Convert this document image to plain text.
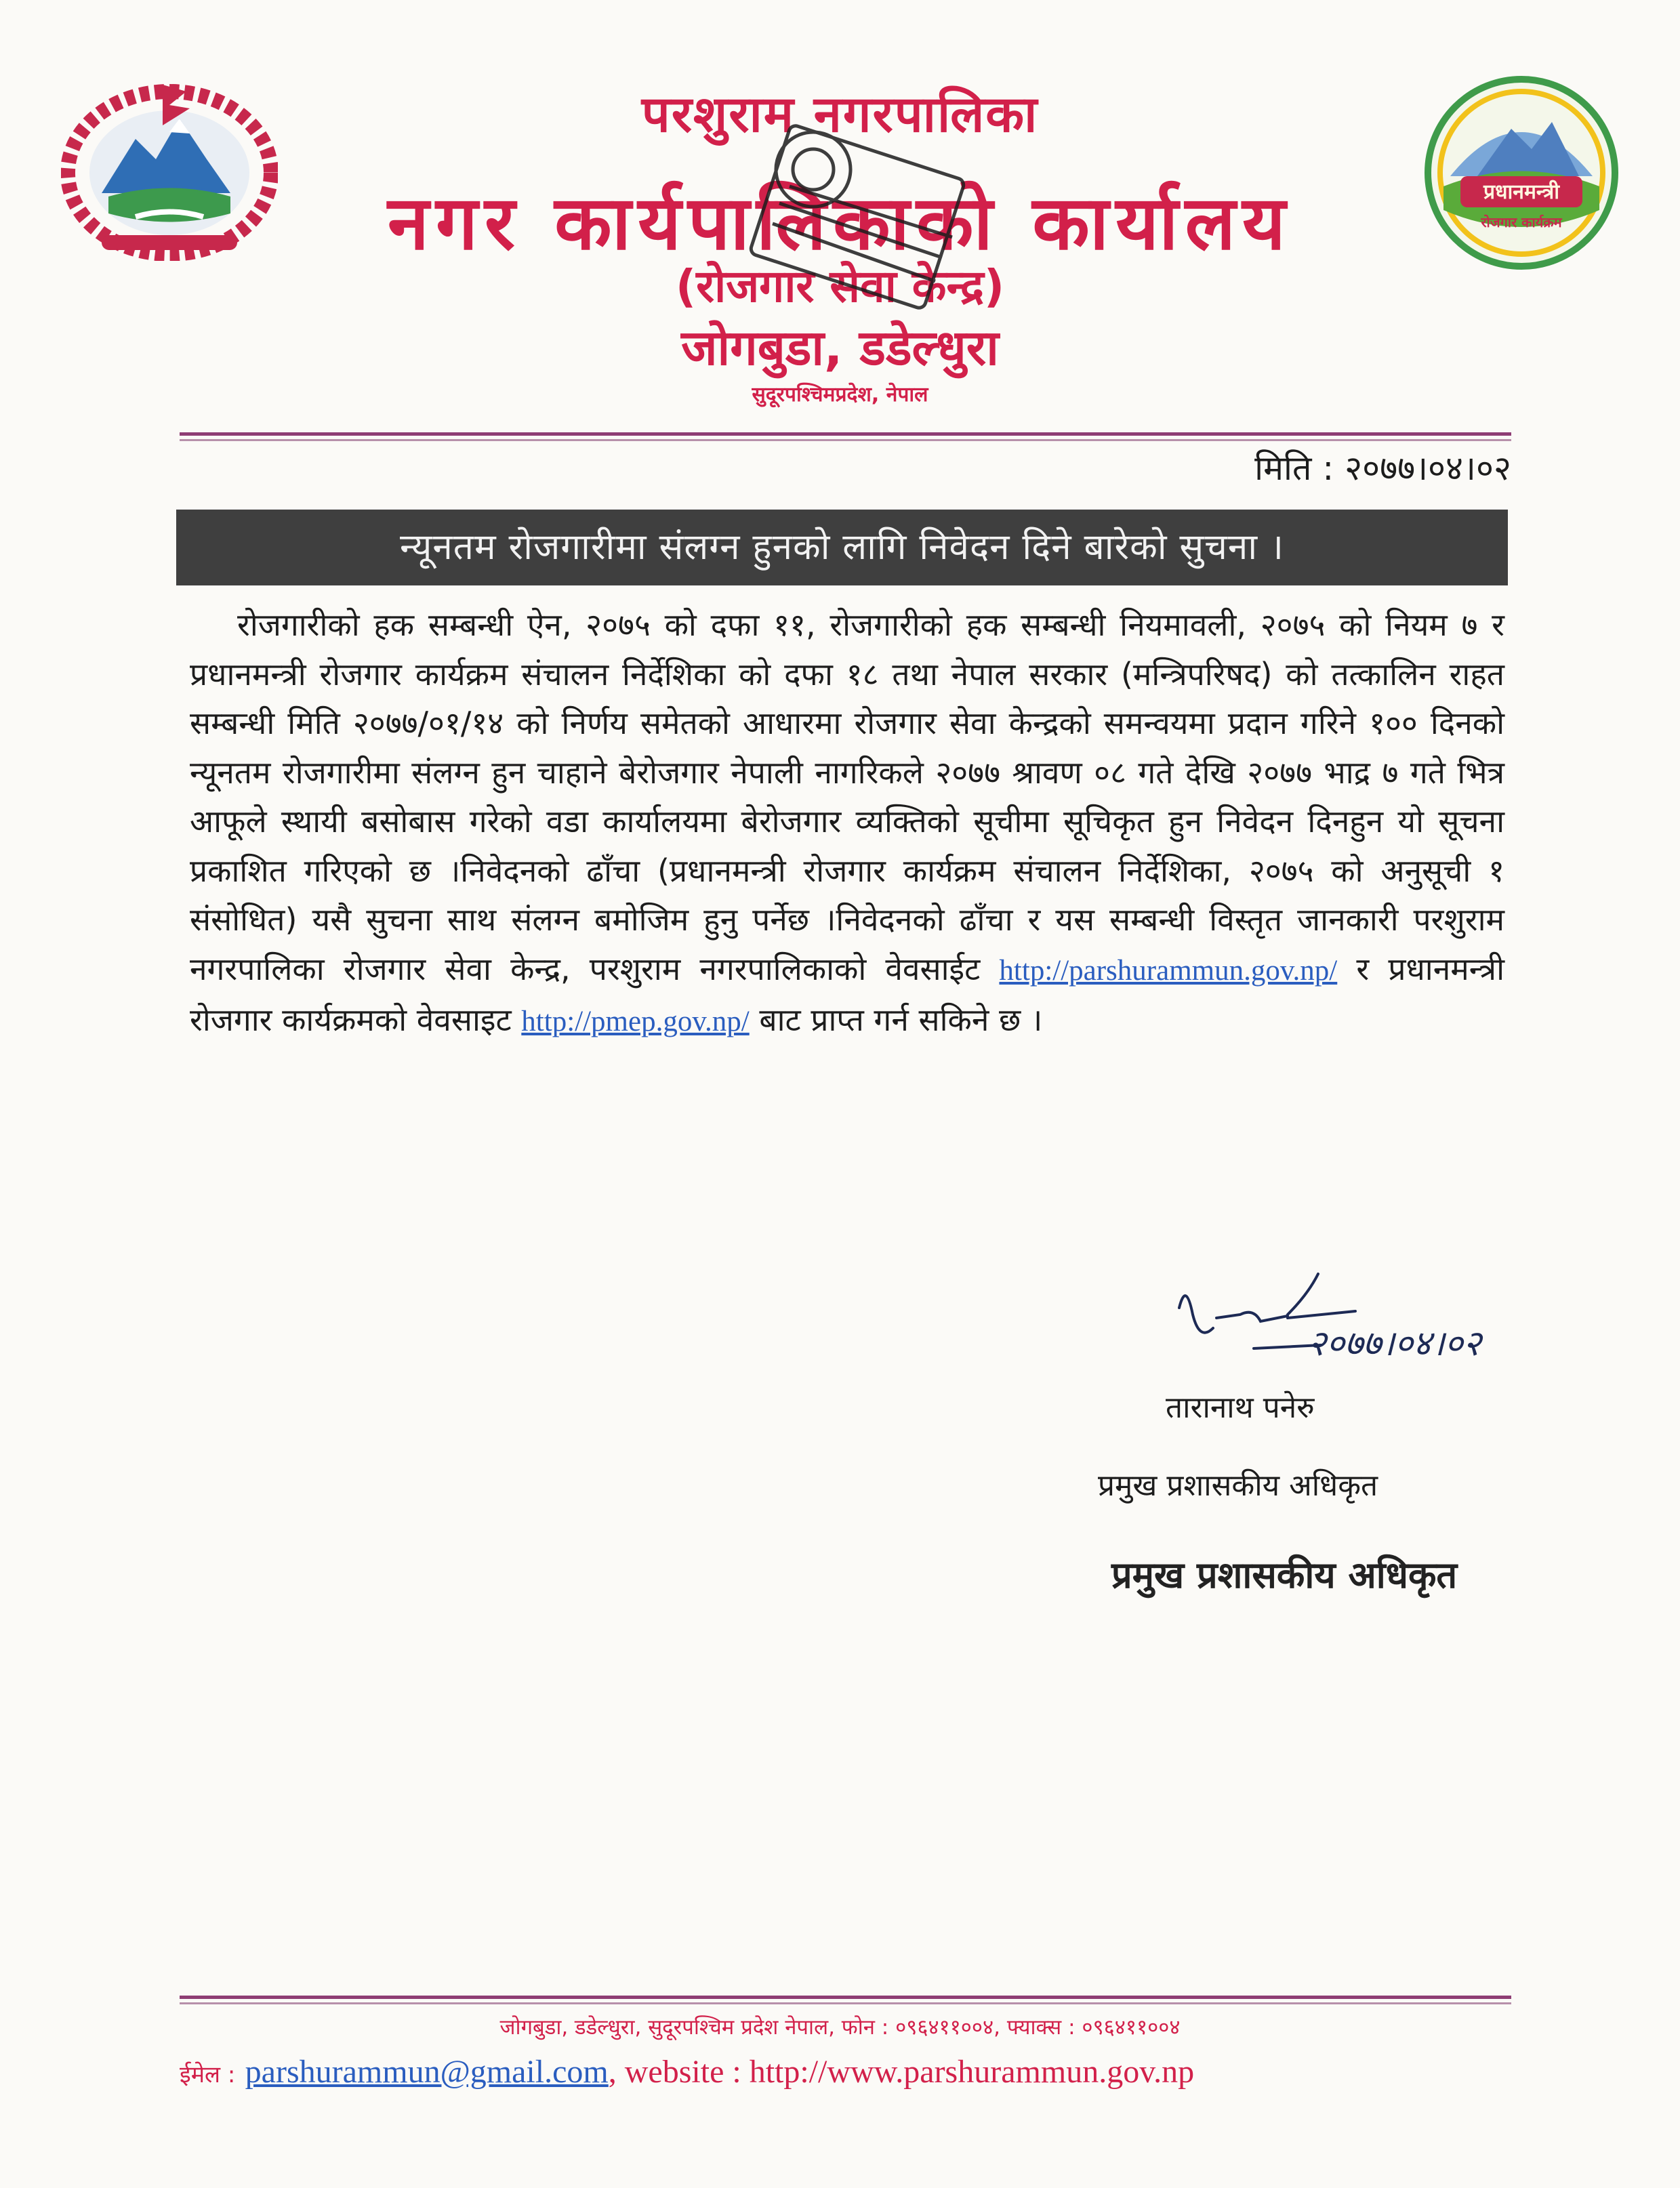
परशुराम नगरपालिका
नगर कार्यपालिकाको कार्यालय
(रोजगार सेवा केन्द्र)
जोगबुडा, डडेल्धुरा
सुदूरपश्चिमप्रदेश, नेपाल
प्रधानमन्त्री
रोजगार कार्यक्रम
मिति : २०७७।०४।०२
न्यूनतम रोजगारीमा संलग्न हुनको लागि निवेदन दिने बारेको सुचना ।

रोजगारीको हक सम्बन्धी ऐन, २०७५ को दफा ११, रोजगारीको हक सम्बन्धी नियमावली, २०७५ को नियम ७ र प्रधानमन्त्री रोजगार कार्यक्रम संचालन निर्देशिका को दफा १८ तथा नेपाल सरकार (मन्त्रिपरिषद) को तत्कालिन राहत सम्बन्धी मिति २०७७/०१/१४ को निर्णय समेतको आधारमा रोजगार सेवा केन्द्रको समन्वयमा प्रदान गरिने १०० दिनको न्यूनतम रोजगारीमा संलग्न हुन चाहाने बेरोजगार नेपाली नागरिकले २०७७ श्रावण ०८ गते देखि २०७७ भाद्र ७ गते भित्र आफूले स्थायी बसोबास गरेको वडा कार्यालयमा बेरोजगार व्यक्तिको सूचीमा सूचिकृत हुन निवेदन दिनहुन यो सूचना प्रकाशित गरिएको छ ।निवेदनको ढाँचा (प्रधानमन्त्री रोजगार कार्यक्रम संचालन निर्देशिका, २०७५ को अनुसूची १ संसोधित) यसै सुचना साथ संलग्न बमोजिम हुनु पर्नेछ ।निवेदनको ढाँचा र यस सम्बन्धी विस्तृत जानकारी परशुराम नगरपालिका रोजगार सेवा केन्द्र, परशुराम नगरपालिकाको वेवसाईट http://parshurammun.gov.np/ र प्रधानमन्त्री रोजगार कार्यक्रमको वेवसाइट http://pmep.gov.np/ बाट प्राप्त गर्न सकिने छ ।

२०७७।०४।०२
तारानाथ पनेरु
प्रमुख प्रशासकीय अधिकृत
प्रमुख प्रशासकीय अधिकृत
जोगबुडा, डडेल्धुरा, सुदूरपश्चिम प्रदेश नेपाल, फोन : ०९६४११००४, फ्याक्स : ०९६४११००४
ईमेल : parshurammun@gmail.com, website : http://www.parshurammun.gov.np
